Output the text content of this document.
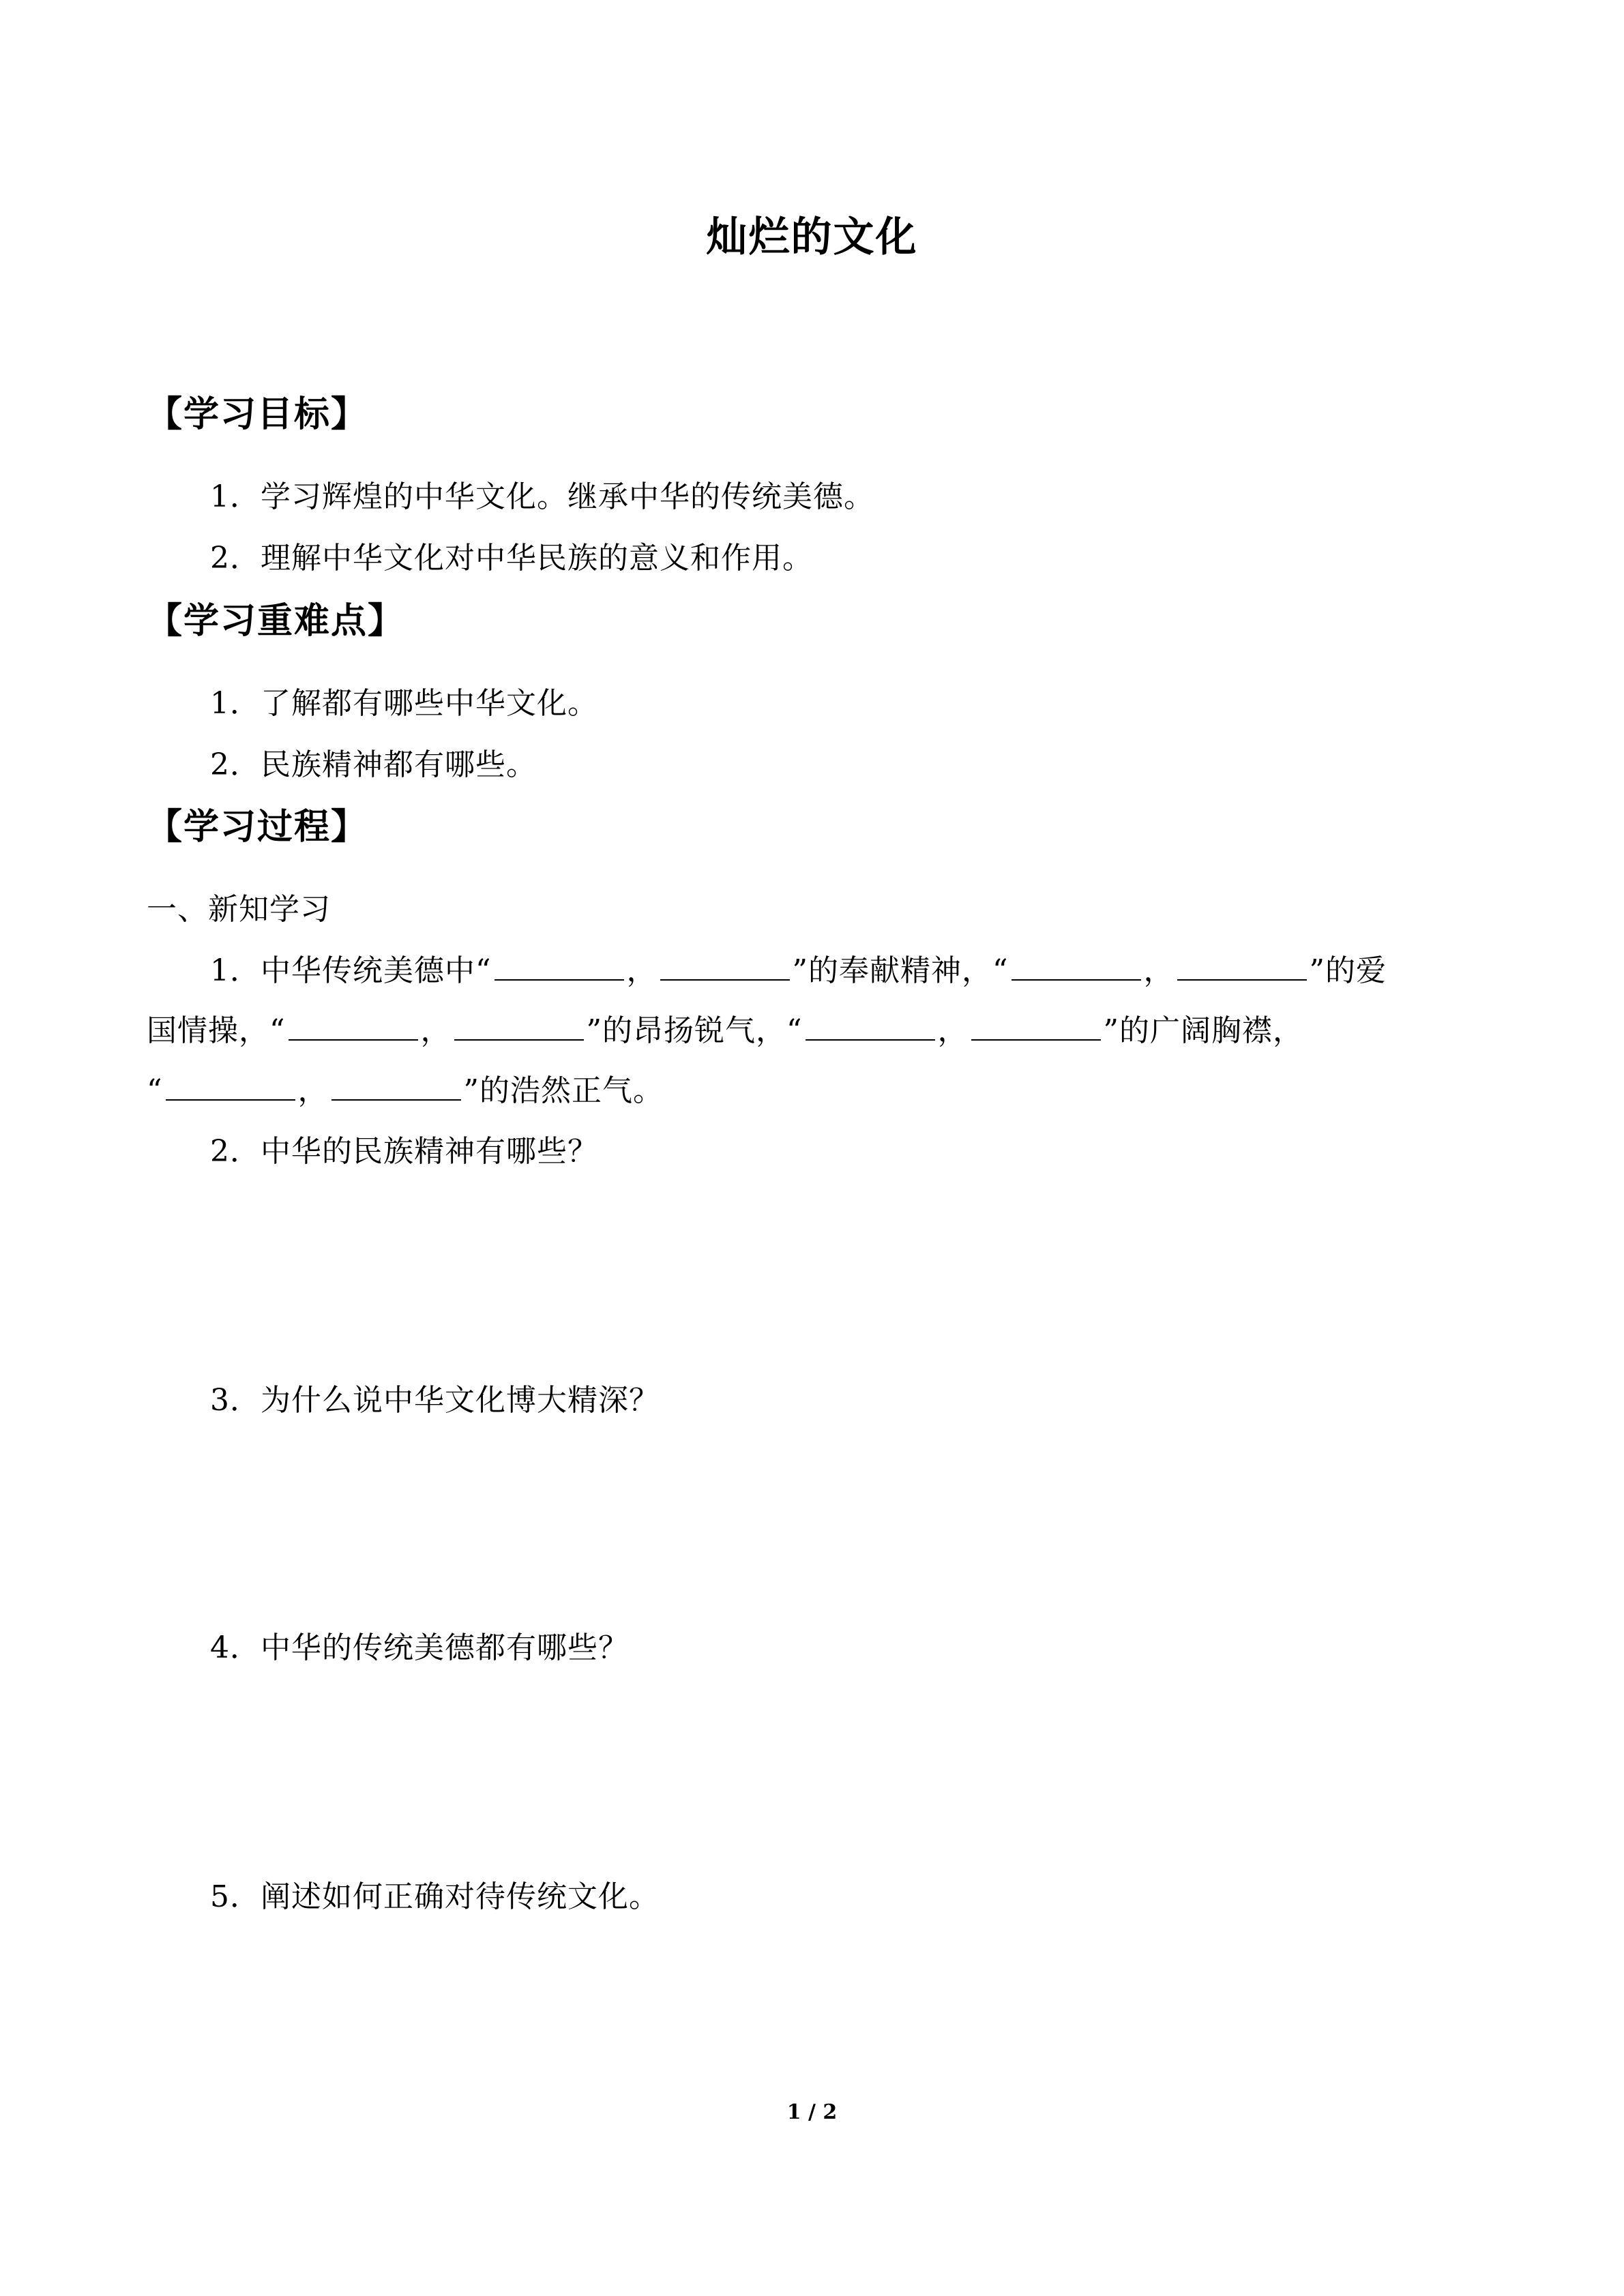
灿烂的文化
【学习目标】
1．学习辉煌的中华文化。继承中华的传统美德。
2．理解中华文化对中华民族的意义和作用。
【学习重难点】
1．了解都有哪些中华文化。
2．民族精神都有哪些。
【学习过程】
一、新知学习
1．中华传统美德中“	，	”的奉献精神，“	，	”的爱
国情操，“	，	”的昂扬锐气，“	，	”的广阔胸襟，
“	，	”的浩然正气。
2．中华的民族精神有哪些？
3．为什么说中华文化博大精深？
4．中华的传统美德都有哪些？
5．阐述如何正确对待传统文化。
1 / 2
